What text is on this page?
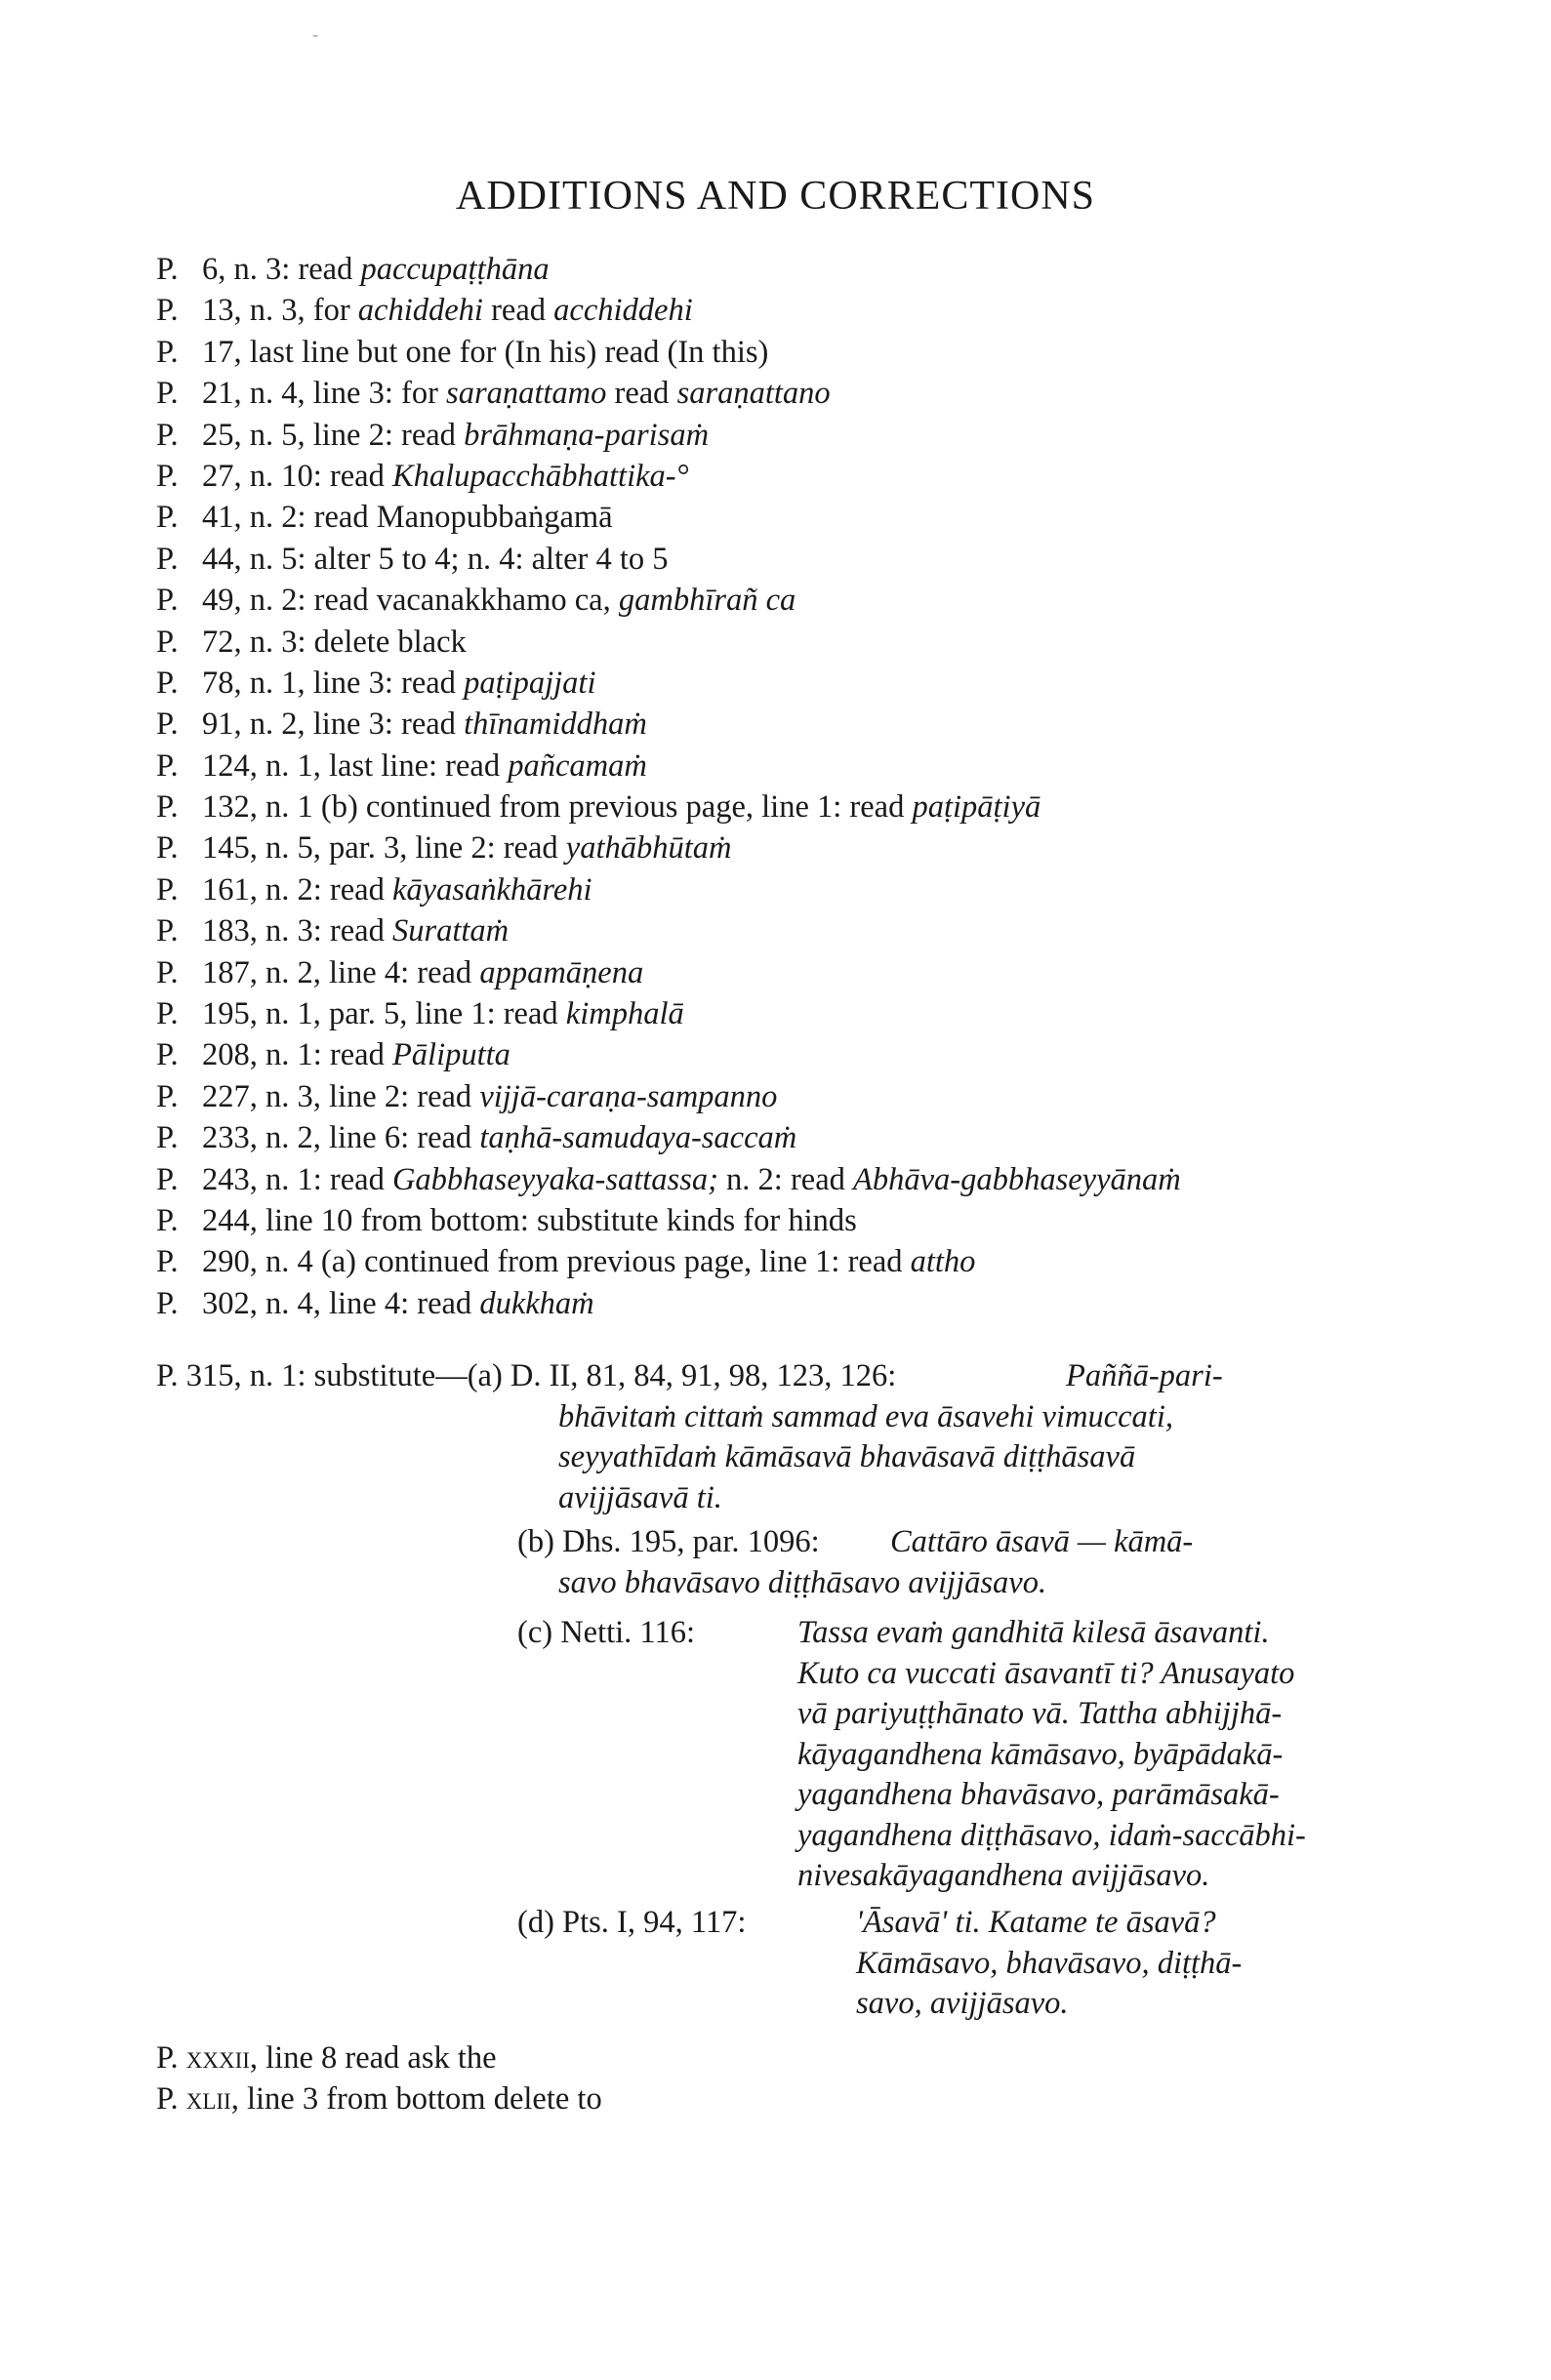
ADDITIONS AND CORRECTIONS
P. 6, n. 3: read paccupaṭṭhāna
P. 13, n. 3, for achiddehi read acchiddehi
P. 17, last line but one for (In his) read (In this)
P. 21, n. 4, line 3: for saraṇattamo read saraṇattano
P. 25, n. 5, line 2: read brāhmaṇa-parisaṁ
P. 27, n. 10: read Khalupacchābhattika-°
P. 41, n. 2: read Manopubbaṅgamā
P. 44, n. 5: alter 5 to 4; n. 4: alter 4 to 5
P. 49, n. 2: read vacanakkhamo ca, gambhīrañ ca
P. 72, n. 3: delete black
P. 78, n. 1, line 3: read paṭipajjati
P. 91, n. 2, line 3: read thīnamiddhaṁ
P. 124, n. 1, last line: read pañcamaṁ
P. 132, n. 1 (b) continued from previous page, line 1: read paṭipāṭiyā
P. 145, n. 5, par. 3, line 2: read yathābhūtaṁ
P. 161, n. 2: read kāyasaṅkhārehi
P. 183, n. 3: read Surattaṁ
P. 187, n. 2, line 4: read appamāṇena
P. 195, n. 1, par. 5, line 1: read kimphalā
P. 208, n. 1: read Pāliputta
P. 227, n. 3, line 2: read vijjā-caraṇa-sampanno
P. 233, n. 2, line 6: read taṇhā-samudaya-saccaṁ
P. 243, n. 1: read Gabbhaseyyaka-sattassa; n. 2: read Abhāva-gabbhaseyyānaṁ
P. 244, line 10 from bottom: substitute kinds for hinds
P. 290, n. 4 (a) continued from previous page, line 1: read attho
P. 302, n. 4, line 4: read dukkhaṁ
P. 315, n. 1: substitute—(a) D. II, 81, 84, 91, 98, 123, 126:	Paññā-pari-
bhāvitaṁ cittaṁ sammad eva āsavehi vimuccati,
seyyathīdaṁ kāmāsavā bhavāsavā diṭṭhāsavā
avijjāsavā ti.
(b) Dhs. 195, par. 1096:	Cattāro āsavā — kāmā-
savo bhavāsavo diṭṭhāsavo avijjāsavo.
(c) Netti. 116:	Tassa evaṁ gandhitā kilesā āsavanti.
Kuto ca vuccati āsavantī ti? Anusayato
vā pariyuṭṭhānato vā. Tattha abhijjhā-
kāyagandhena kāmāsavo, byāpādakā-
yagandhena bhavāsavo, parāmāsakā-
yagandhena diṭṭhāsavo, idaṁ-saccābhi-
nivesakāyagandhena avijjāsavo.
(d) Pts. I, 94, 117:	'Āsavā' ti. Katame te āsavā?
Kāmāsavo, bhavāsavo, diṭṭhā-
savo, avijjāsavo.
P. xxxii, line 8 read ask the
P. xlii, line 3 from bottom delete to
-
